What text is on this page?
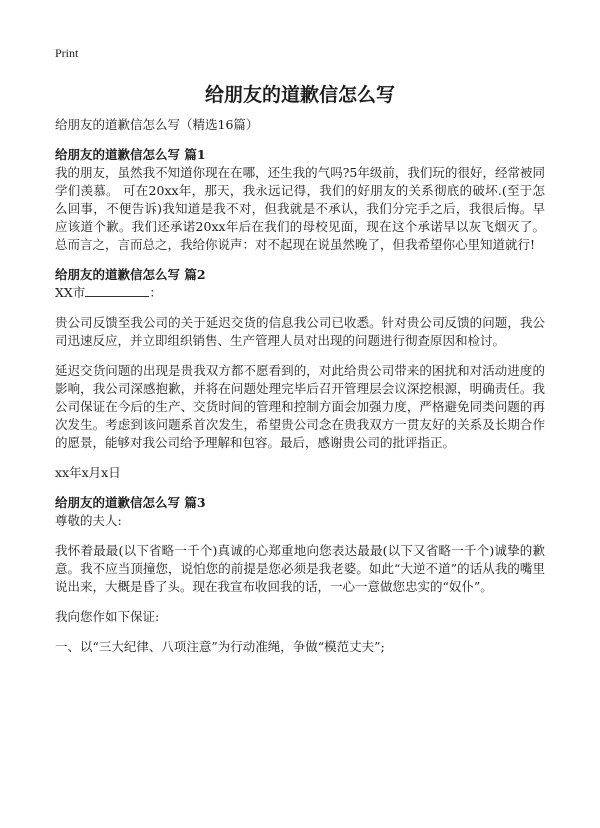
Print
给朋友的道歉信怎么写

给朋友的道歉信怎么写（精选16篇）

给朋友的道歉信怎么写 篇1

我的朋友，虽然我不知道你现在在哪，还生我的气吗?5年级前，我们玩的很好，经常被同学们羡慕。 可在20xx年，那天，我永远记得，我们的好朋友的关系彻底的破坏.(至于怎么回事，不便告诉)我知道是我不对，但我就是不承认，我们分完手之后，我很后悔。早应该道个歉。我们还承诺20xx年后在我们的母校见面，现在这个承诺早以灰飞烟灭了。 总而言之，言而总之，我给你说声：对不起现在说虽然晚了，但我希望你心里知道就行!

给朋友的道歉信怎么写 篇2

XX市	：

贵公司反馈至我公司的关于延迟交货的信息我公司已收悉。针对贵公司反馈的问题，我公司迅速反应，并立即组织销售、生产管理人员对出现的问题进行彻查原因和检讨。

延迟交货问题的出现是贵我双方都不愿看到的，对此给贵公司带来的困扰和对活动进度的影响，我公司深感抱歉，并将在问题处理完毕后召开管理层会议深挖根源，明确责任。我公司保证在今后的生产、交货时间的管理和控制方面会加强力度，严格避免同类问题的再次发生。考虑到该问题系首次发生，希望贵公司念在贵我双方一贯友好的关系及长期合作的愿景，能够对我公司给予理解和包容。最后，感谢贵公司的批评指正。

xx年x月x日

给朋友的道歉信怎么写 篇3

尊敬的夫人:

我怀着最最(以下省略一千个)真诚的心郑重地向您表达最最(以下又省略一千个)诚挚的歉意。我不应当顶撞您，说怕您的前提是您必须是我老婆。如此“大逆不道”的话从我的嘴里说出来，大概是昏了头。现在我宣布收回我的话，一心一意做您忠实的“奴仆”。

我向您作如下保证:

一、以“三大纪律、八项注意”为行动准绳，争做“模范丈夫”;
